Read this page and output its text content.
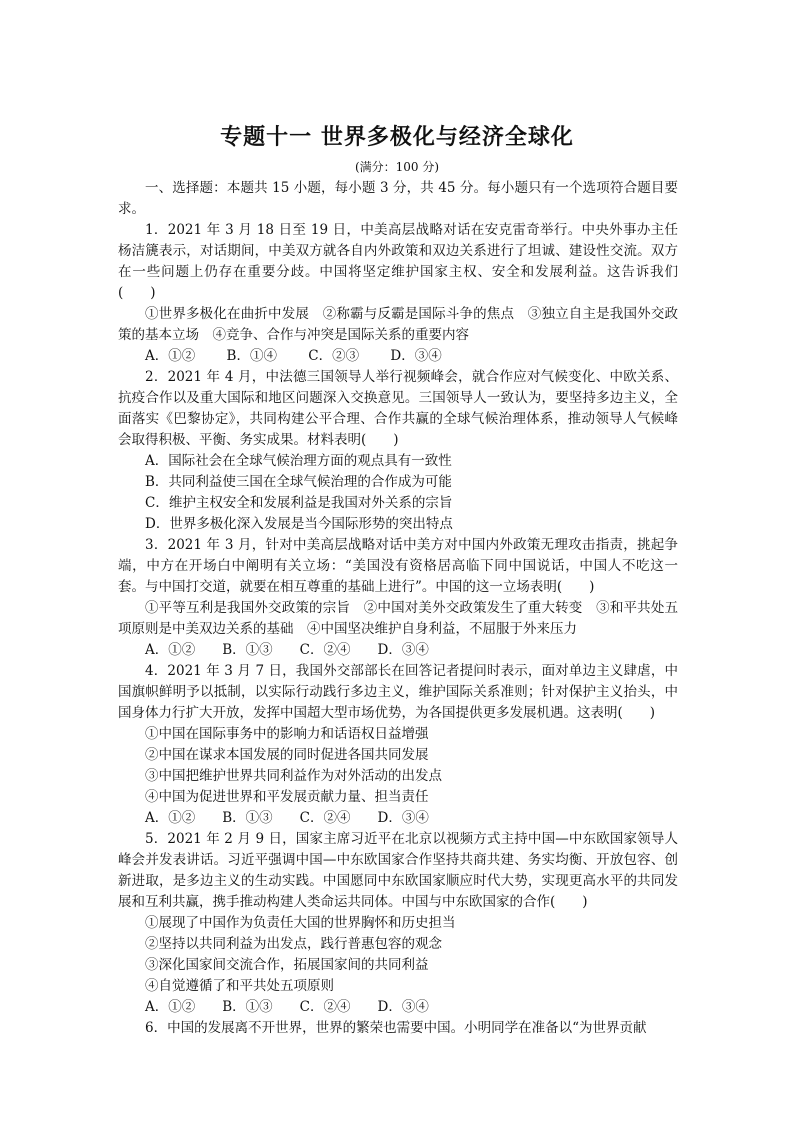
专题十一 世界多极化与经济全球化
(满分：100 分)

一、选择题：本题共 15 小题，每小题 3 分，共 45 分。每小题只有一个选项符合题目要求。

1．2021 年 3 月 18 日至 19 日，中美高层战略对话在安克雷奇举行。中央外事办主任杨洁篪表示，对话期间，中美双方就各自内外政策和双边关系进行了坦诚、建设性交流。双方在一些问题上仍存在重要分歧。中国将坚定维护国家主权、安全和发展利益。这告诉我们(　　)

①世界多极化在曲折中发展　②称霸与反霸是国际斗争的焦点　③独立自主是我国外交政策的基本立场　④竞争、合作与冲突是国际关系的重要内容

A．①②　　 B．①④　　 C．②③　　 D．③④

2．2021 年 4 月，中法德三国领导人举行视频峰会，就合作应对气候变化、中欧关系、抗疫合作以及重大国际和地区问题深入交换意见。三国领导人一致认为，要坚持多边主义，全面落实《巴黎协定》，共同构建公平合理、合作共赢的全球气候治理体系，推动领导人气候峰会取得积极、平衡、务实成果。材料表明(　　)

A．国际社会在全球气候治理方面的观点具有一致性

B．共同利益使三国在全球气候治理的合作成为可能

C．维护主权安全和发展利益是我国对外关系的宗旨

D．世界多极化深入发展是当今国际形势的突出特点

3．2021 年 3 月，针对中美高层战略对话中美方对中国内外政策无理攻击指责，挑起争端，中方在开场白中阐明有关立场：“美国没有资格居高临下同中国说话，中国人不吃这一套。与中国打交道，就要在相互尊重的基础上进行”。中国的这一立场表明(　　)

①平等互利是我国外交政策的宗旨　②中国对美外交政策发生了重大转变　③和平共处五项原则是中美双边关系的基础　④中国坚决维护自身利益，不屈服于外来压力

A．①②　　B．①③　　C．②④　　D．③④

4．2021 年 3 月 7 日，我国外交部部长在回答记者提问时表示，面对单边主义肆虐，中国旗帜鲜明予以抵制，以实际行动践行多边主义，维护国际关系准则；针对保护主义抬头，中国身体力行扩大开放，发挥中国超大型市场优势，为各国提供更多发展机遇。这表明(　　)

①中国在国际事务中的影响力和话语权日益增强

②中国在谋求本国发展的同时促进各国共同发展

③中国把维护世界共同利益作为对外活动的出发点

④中国为促进世界和平发展贡献力量、担当责任

A．①②　　B．①③　　C．②④　　D．③④

5．2021 年 2 月 9 日，国家主席习近平在北京以视频方式主持中国—中东欧国家领导人峰会并发表讲话。习近平强调中国—中东欧国家合作坚持共商共建、务实均衡、开放包容、创新进取，是多边主义的生动实践。中国愿同中东欧国家顺应时代大势，实现更高水平的共同发展和互利共赢，携手推动构建人类命运共同体。中国与中东欧国家的合作(　　)

①展现了中国作为负责任大国的世界胸怀和历史担当

②坚持以共同利益为出发点，践行普惠包容的观念

③深化国家间交流合作，拓展国家间的共同利益

④自觉遵循了和平共处五项原则

A．①②　　B．①③　　C．②④　　D．③④

6．中国的发展离不开世界，世界的繁荣也需要中国。小明同学在准备以“为世界贡献
